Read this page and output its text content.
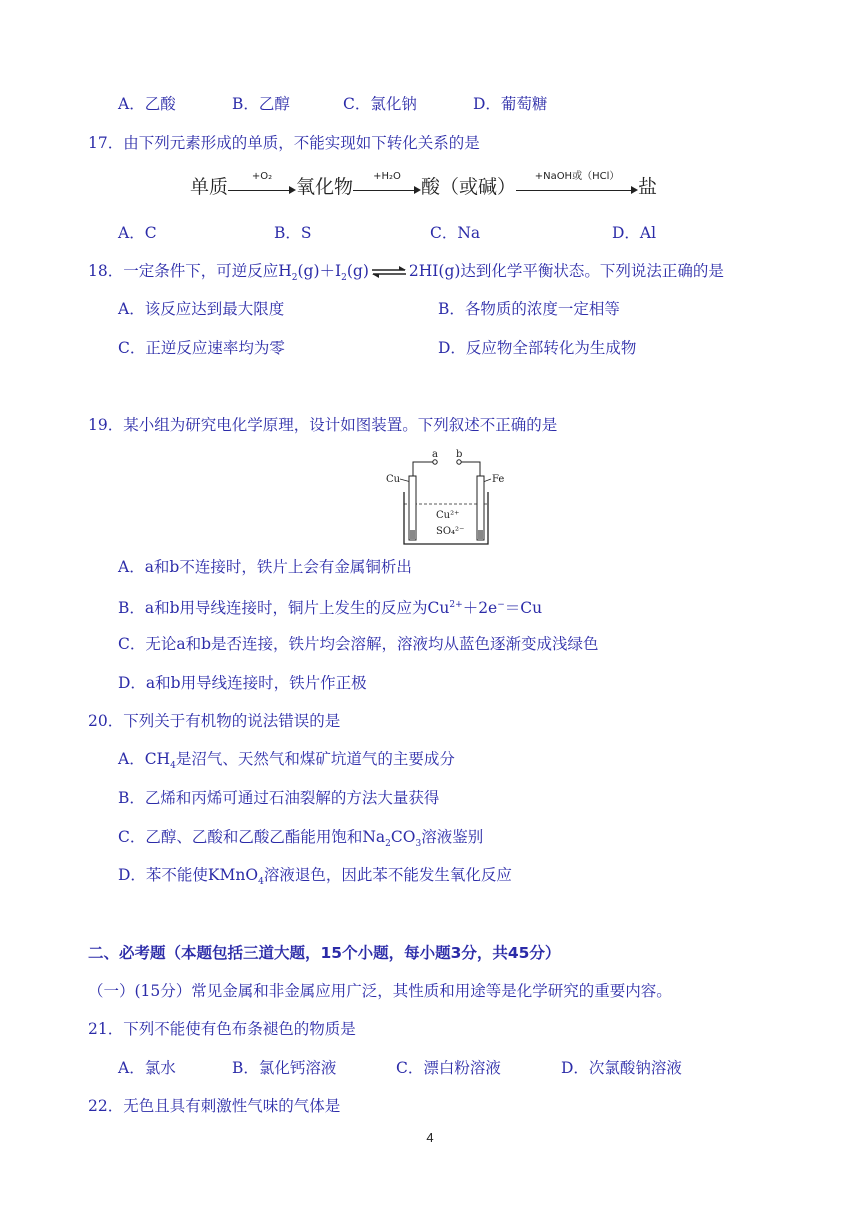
A．乙酸	B．乙醇	C．氯化钠	D．葡萄糖
17．由下列元素形成的单质，不能实现如下转化关系的是
单质	+O₂	氧化物	+H₂O	酸（或碱）	+NaOH或（HCl） 盐
A．C	B．S	C．Na	D．Al
18．一定条件下，可逆反应$H_2(g)+I_2(g)$ ⇌ 2HI(g)达到化学平衡状态。下列说法正确的是
A．该反应达到最大限度	B．各物质的浓度一定相等
C．正逆反应速率均为零	D．反应物全部转化为生成物
19．某小组为研究电化学原理，设计如图装置。下列叙述不正确的是
a b
Cu	Fe
Cu²⁺
SO₄²⁻
A．a和b不连接时，铁片上会有金属铜析出
B．a和b用导线连接时，铜片上发生的反应为$Cu^{2+}+2e^-=Cu$
C．无论a和b是否连接，铁片均会溶解，溶液均从蓝色逐渐变成浅绿色
D．a和b用导线连接时，铁片作正极
20．下列关于有机物的说法错误的是
A．$CH_4$是沼气、天然气和煤矿坑道气的主要成分
B．乙烯和丙烯可通过石油裂解的方法大量获得
C．乙醇、乙酸和乙酸乙酯能用饱和$Na_2CO_3$溶液鉴别
D．苯不能使KMnO$_4$溶液退色，因此苯不能发生氧化反应
二、必考题（本题包括三道大题，15个小题，每小题3分，共45分）
（一）(15分）常见金属和非金属应用广泛，其性质和用途等是化学研究的重要内容。
21．下列不能使有色布条褪色的物质是
A．氯水	B．氯化钙溶液	C．漂白粉溶液	D．次氯酸钠溶液
22．无色且具有刺激性气味的气体是
4
